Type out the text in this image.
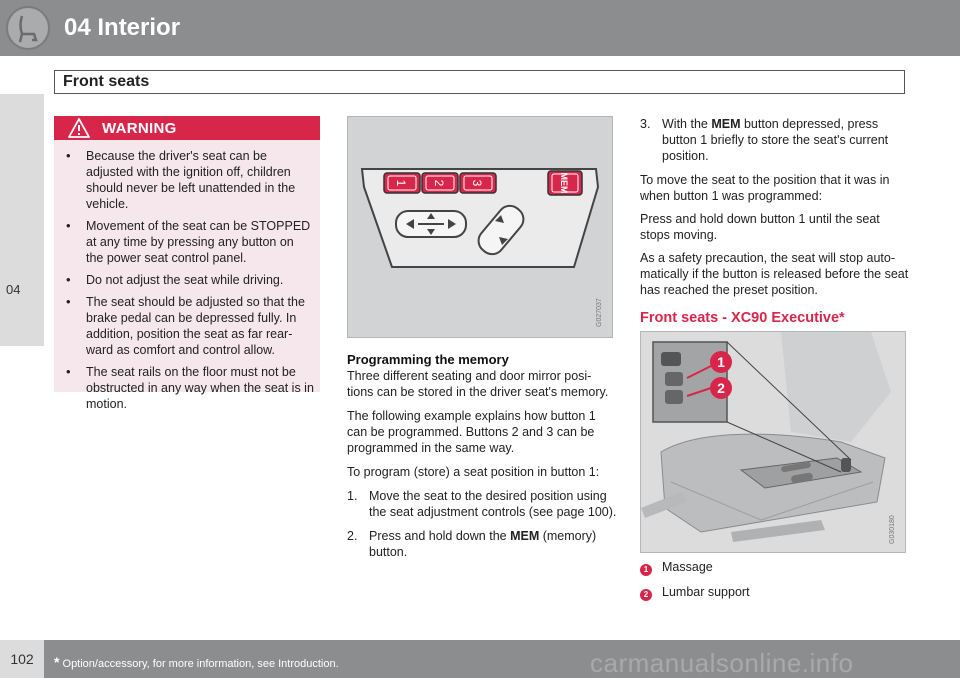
04 Interior
Front seats
04
WARNING
• Because the driver's seat can be adjusted with the ignition off, children should never be left unattended in the vehicle.
• Movement of the seat can be STOPPED at any time by pressing any button on the power seat control panel.
• Do not adjust the seat while driving.
• The seat should be adjusted so that the brake pedal can be depressed fully. In addition, position the seat as far rear-ward as comfort and control allow.
• The seat rails on the floor must not be obstructed in any way when the seat is in motion.
1 2 3	MEM
G027037
Programming the memory

Three different seating and door mirror posi-tions can be stored in the driver seat's memory.

The following example explains how button 1 can be programmed. Buttons 2 and 3 can be programmed in the same way.

To program (store) a seat position in button 1:

1. Move the seat to the desired position using the seat adjustment controls (see page 100).
2. Press and hold down the MEM (memory) button.
3. With the MEM button depressed, press button 1 briefly to store the seat's current position.

To move the seat to the position that it was in when button 1 was programmed:

Press and hold down button 1 until the seat stops moving.

As a safety precaution, the seat will stop auto-matically if the button is released before the seat has reached the preset position.

Front seats - XC90 Executive*
1
2
G030180
1	Massage
2	Lumbar support
102	* Option/accessory, for more information, see Introduction.	carmanualsonline.info
